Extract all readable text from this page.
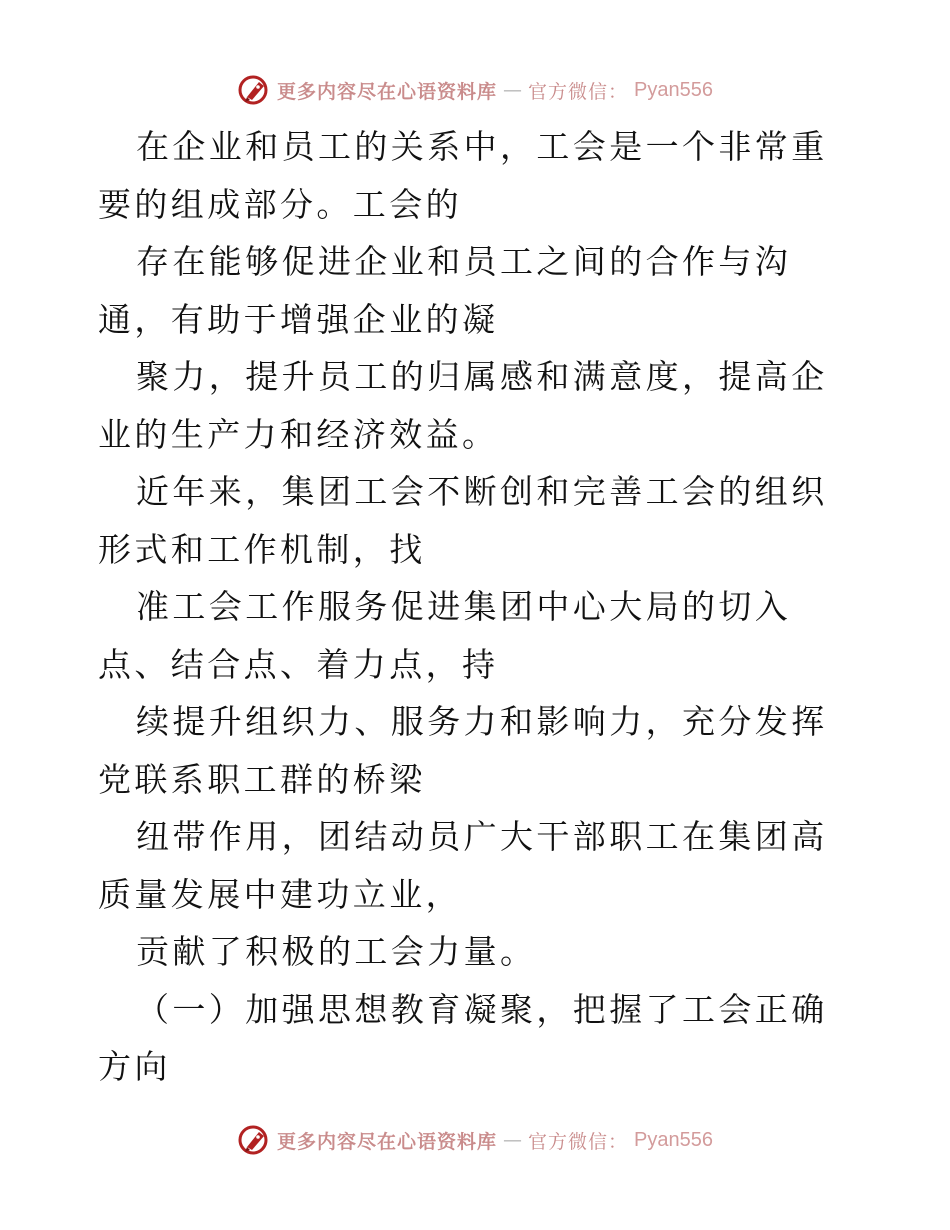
更多内容尽在心语资料库 — 官方微信： Pyan556

在企业和员工的关系中，工会是一个非常重要的组成部分。工会的

存在能够促进企业和员工之间的合作与沟通，有助于增强企业的凝

聚力，提升员工的归属感和满意度，提高企业的生产力和经济效益。

近年来，集团工会不断创和完善工会的组织形式和工作机制，找

准工会工作服务促进集团中心大局的切入点、结合点、着力点，持

续提升组织力、服务力和影响力，充分发挥党联系职工群的桥梁

纽带作用，团结动员广大干部职工在集团高质量发展中建功立业，

贡献了积极的工会力量。

（一）加强思想教育凝聚，把握了工会正确方向

更多内容尽在心语资料库 — 官方微信： Pyan556
